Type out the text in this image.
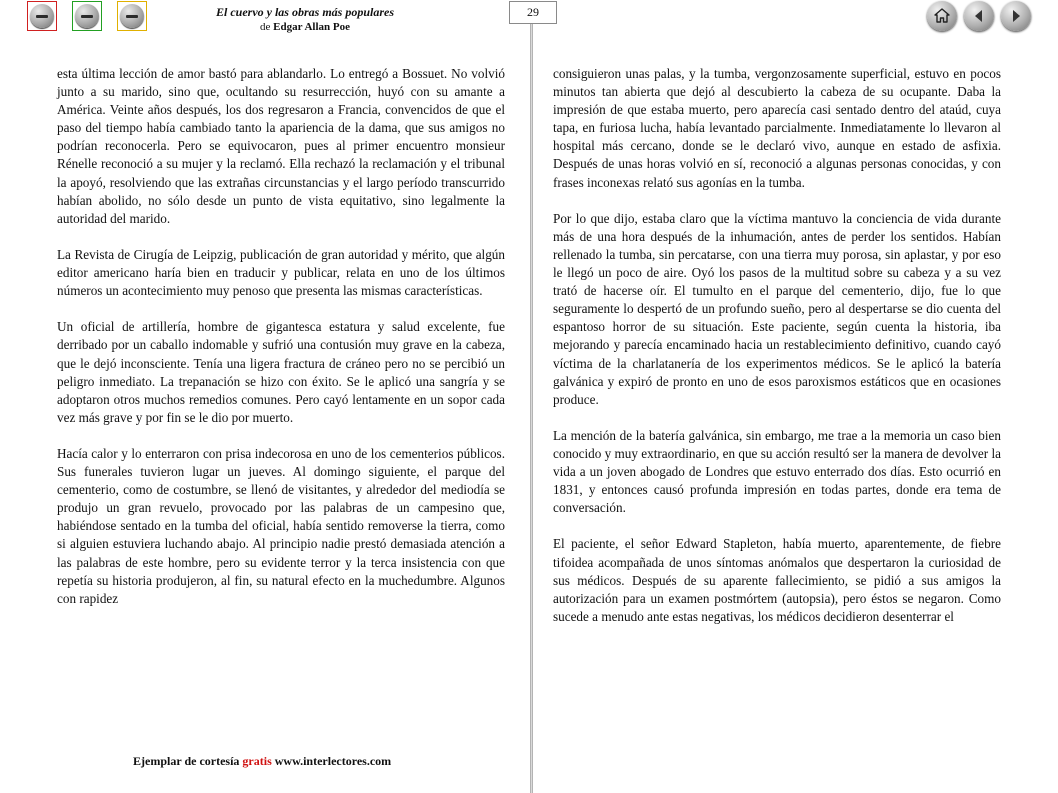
El cuervo y las obras más populares
de Edgar Allan Poe
29

esta última lección de amor bastó para ablandarlo. Lo entregó a Bossuet. No volvió junto a su marido, sino que, ocultando su resurrección, huyó con su amante a América. Veinte años después, los dos regresaron a Francia, convencidos de que el paso del tiempo había cambiado tanto la apariencia de la dama, que sus amigos no podrían reconocerla. Pero se equivocaron, pues al primer encuentro monsieur Rénelle reconoció a su mujer y la reclamó. Ella rechazó la reclamación y el tribunal la apoyó, resolviendo que las extrañas circunstancias y el largo período transcurrido habían abolido, no sólo desde un punto de vista equitativo, sino legalmente la autoridad del marido.

La Revista de Cirugía de Leipzig, publicación de gran autoridad y mérito, que algún editor americano haría bien en traducir y publicar, relata en uno de los últimos números un acontecimiento muy penoso que presenta las mismas características.

Un oficial de artillería, hombre de gigantesca estatura y salud excelente, fue derribado por un caballo indomable y sufrió una contusión muy grave en la cabeza, que le dejó inconsciente. Tenía una ligera fractura de cráneo pero no se percibió un peligro inmediato. La trepanación se hizo con éxito. Se le aplicó una sangría y se adoptaron otros muchos remedios comunes. Pero cayó lentamente en un sopor cada vez más grave y por fin se le dio por muerto.

Hacía calor y lo enterraron con prisa indecorosa en uno de los cementerios públicos. Sus funerales tuvieron lugar un jueves. Al domingo siguiente, el parque del cementerio, como de costumbre, se llenó de visitantes, y alrededor del mediodía se produjo un gran revuelo, provocado por las palabras de un campesino que, habiéndose sentado en la tumba del oficial, había sentido removerse la tierra, como si alguien estuviera luchando abajo. Al principio nadie prestó demasiada atención a las palabras de este hombre, pero su evidente terror y la terca insistencia con que repetía su historia produjeron, al fin, su natural efecto en la muchedumbre. Algunos con rapidez

consiguieron unas palas, y la tumba, vergonzosamente superficial, estuvo en pocos minutos tan abierta que dejó al descubierto la cabeza de su ocupante. Daba la impresión de que estaba muerto, pero aparecía casi sentado dentro del ataúd, cuya tapa, en furiosa lucha, había levantado parcialmente. Inmediatamente lo llevaron al hospital más cercano, donde se le declaró vivo, aunque en estado de asfixia. Después de unas horas volvió en sí, reconoció a algunas personas conocidas, y con frases inconexas relató sus agonías en la tumba.

Por lo que dijo, estaba claro que la víctima mantuvo la conciencia de vida durante más de una hora después de la inhumación, antes de perder los sentidos. Habían rellenado la tumba, sin percatarse, con una tierra muy porosa, sin aplastar, y por eso le llegó un poco de aire. Oyó los pasos de la multitud sobre su cabeza y a su vez trató de hacerse oír. El tumulto en el parque del cementerio, dijo, fue lo que seguramente lo despertó de un profundo sueño, pero al despertarse se dio cuenta del espantoso horror de su situación. Este paciente, según cuenta la historia, iba mejorando y parecía encaminado hacia un restablecimiento definitivo, cuando cayó víctima de la charlatanería de los experimentos médicos. Se le aplicó la batería galvánica y expiró de pronto en uno de esos paroxismos estáticos que en ocasiones produce.

La mención de la batería galvánica, sin embargo, me trae a la memoria un caso bien conocido y muy extraordinario, en que su acción resultó ser la manera de devolver la vida a un joven abogado de Londres que estuvo enterrado dos días. Esto ocurrió en 1831, y entonces causó profunda impresión en todas partes, donde era tema de conversación.

El paciente, el señor Edward Stapleton, había muerto, aparentemente, de fiebre tifoidea acompañada de unos síntomas anómalos que despertaron la curiosidad de sus médicos. Después de su aparente fallecimiento, se pidió a sus amigos la autorización para un examen postmórtem (autopsia), pero éstos se negaron. Como sucede a menudo ante estas negativas, los médicos decidieron desenterrar el

Ejemplar de cortesía gratis www.interlectores.com
